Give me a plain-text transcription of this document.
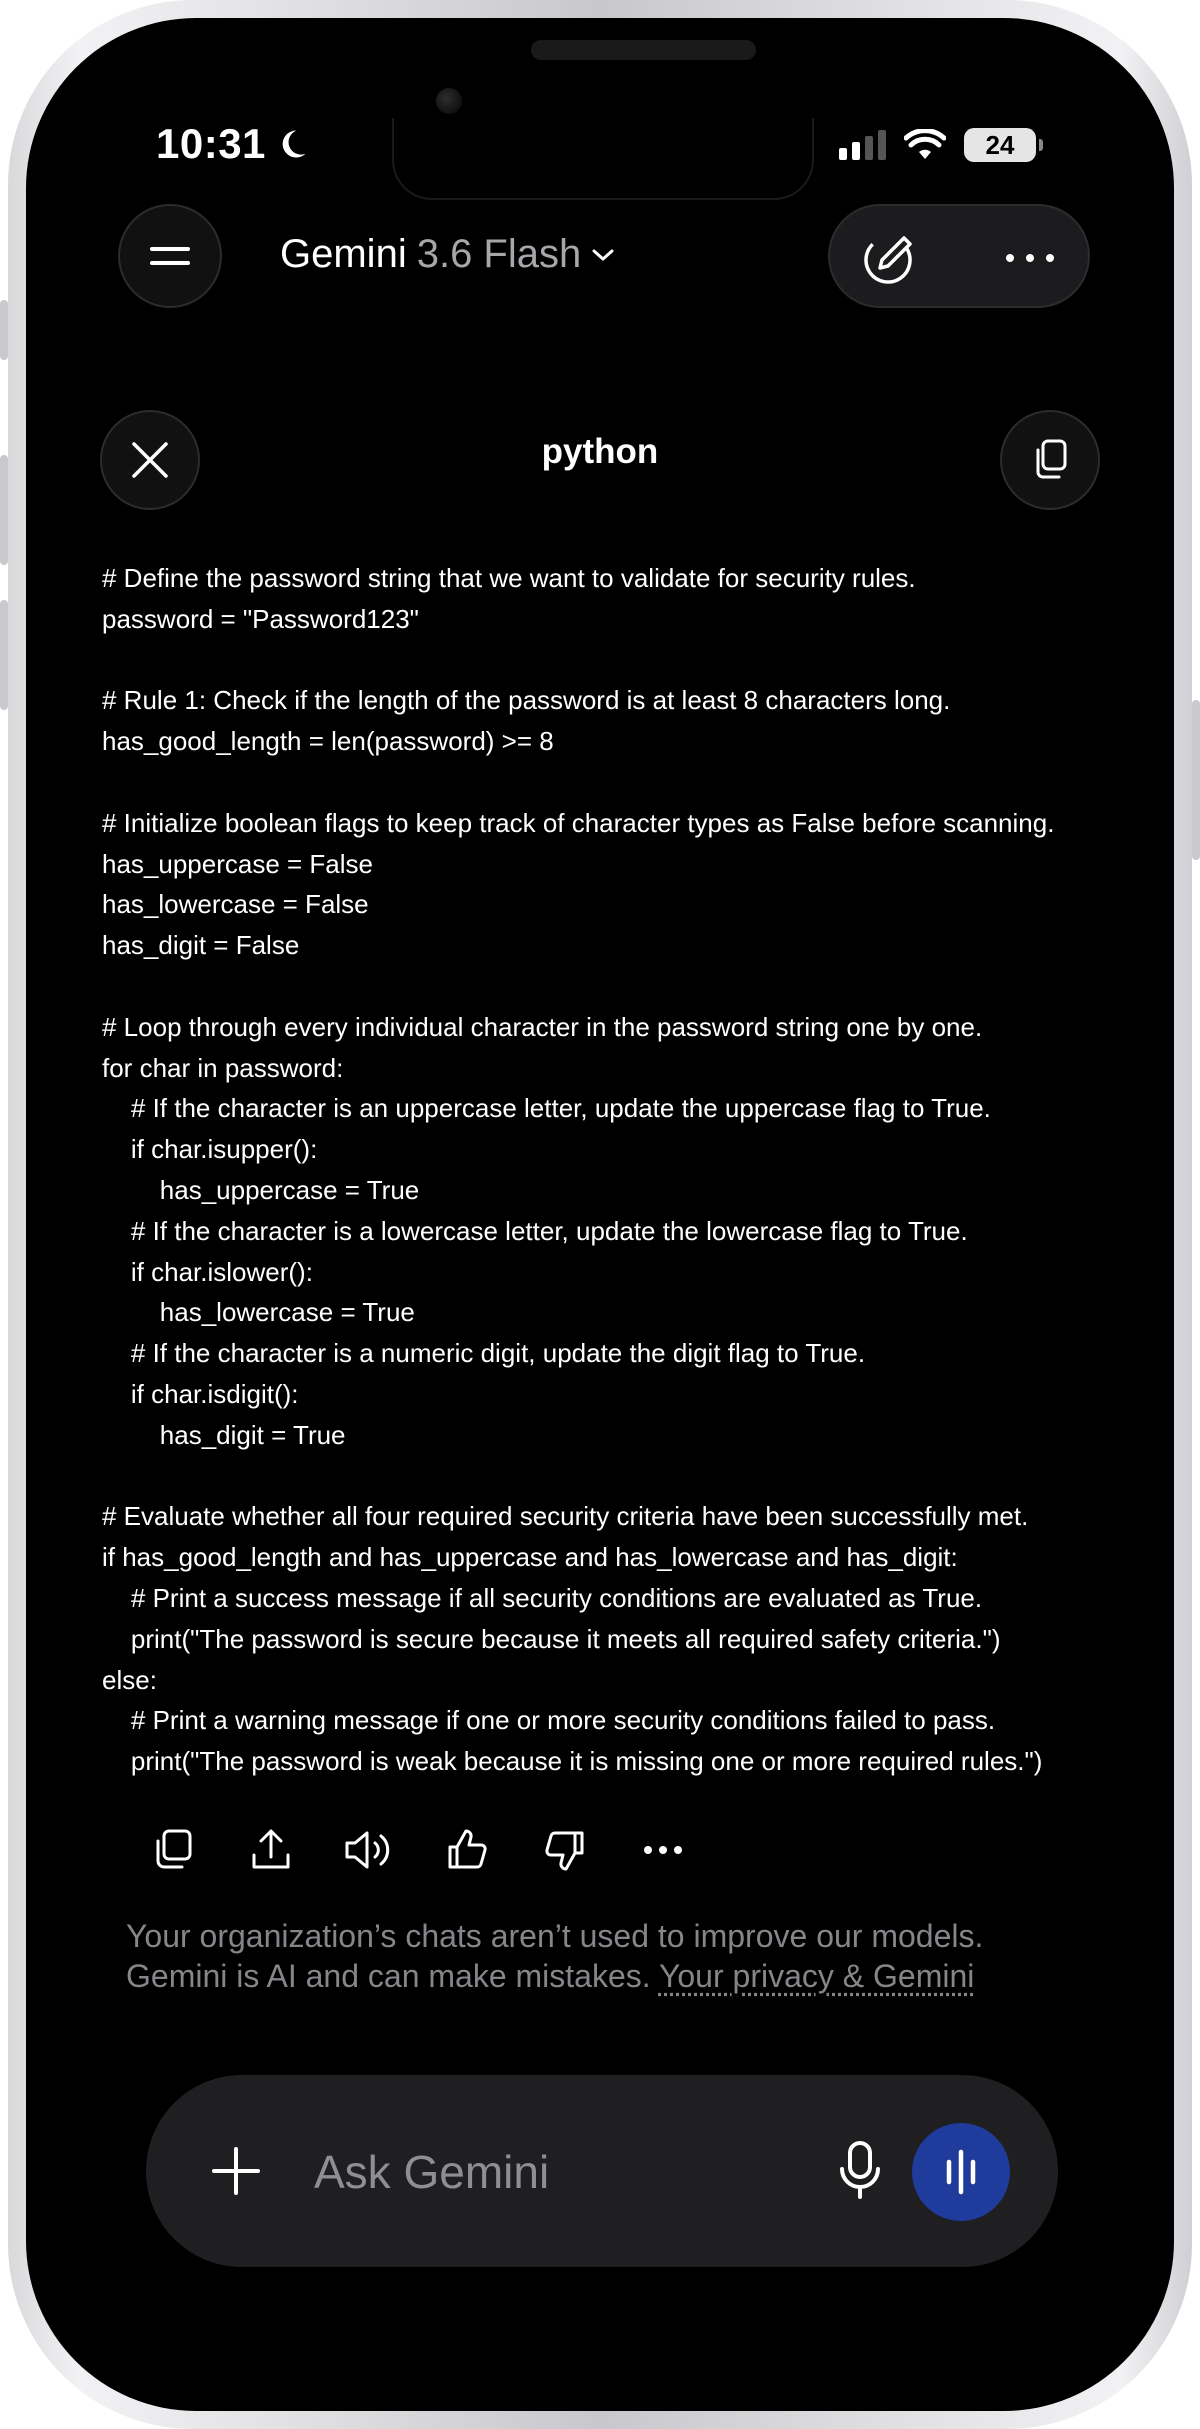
10:31	24
Gemini 3.6 Flash
python
# Define the password string that we want to validate for security rules.
password = "Password123"
# Rule 1: Check if the length of the password is at least 8 characters long.
has_good_length = len(password) >= 8
# Initialize boolean flags to keep track of character types as False before scanning.
has_uppercase = False
has_lowercase = False
has_digit = False
# Loop through every individual character in the password string one by one.
for char in password:
# If the character is an uppercase letter, update the uppercase flag to True.
if char.isupper():
has_uppercase = True
# If the character is a lowercase letter, update the lowercase flag to True.
if char.islower():
has_lowercase = True
# If the character is a numeric digit, update the digit flag to True.
if char.isdigit():
has_digit = True
# Evaluate whether all four required security criteria have been successfully met.
if has_good_length and has_uppercase and has_lowercase and has_digit:
# Print a success message if all security conditions are evaluated as True.
print("The password is secure because it meets all required safety criteria.")
else:
# Print a warning message if one or more security conditions failed to pass.
print("The password is weak because it is missing one or more required rules.")
Your organization’s chats aren’t used to improve our models.
Gemini is AI and can make mistakes. Your privacy & Gemini
Ask Gemini
